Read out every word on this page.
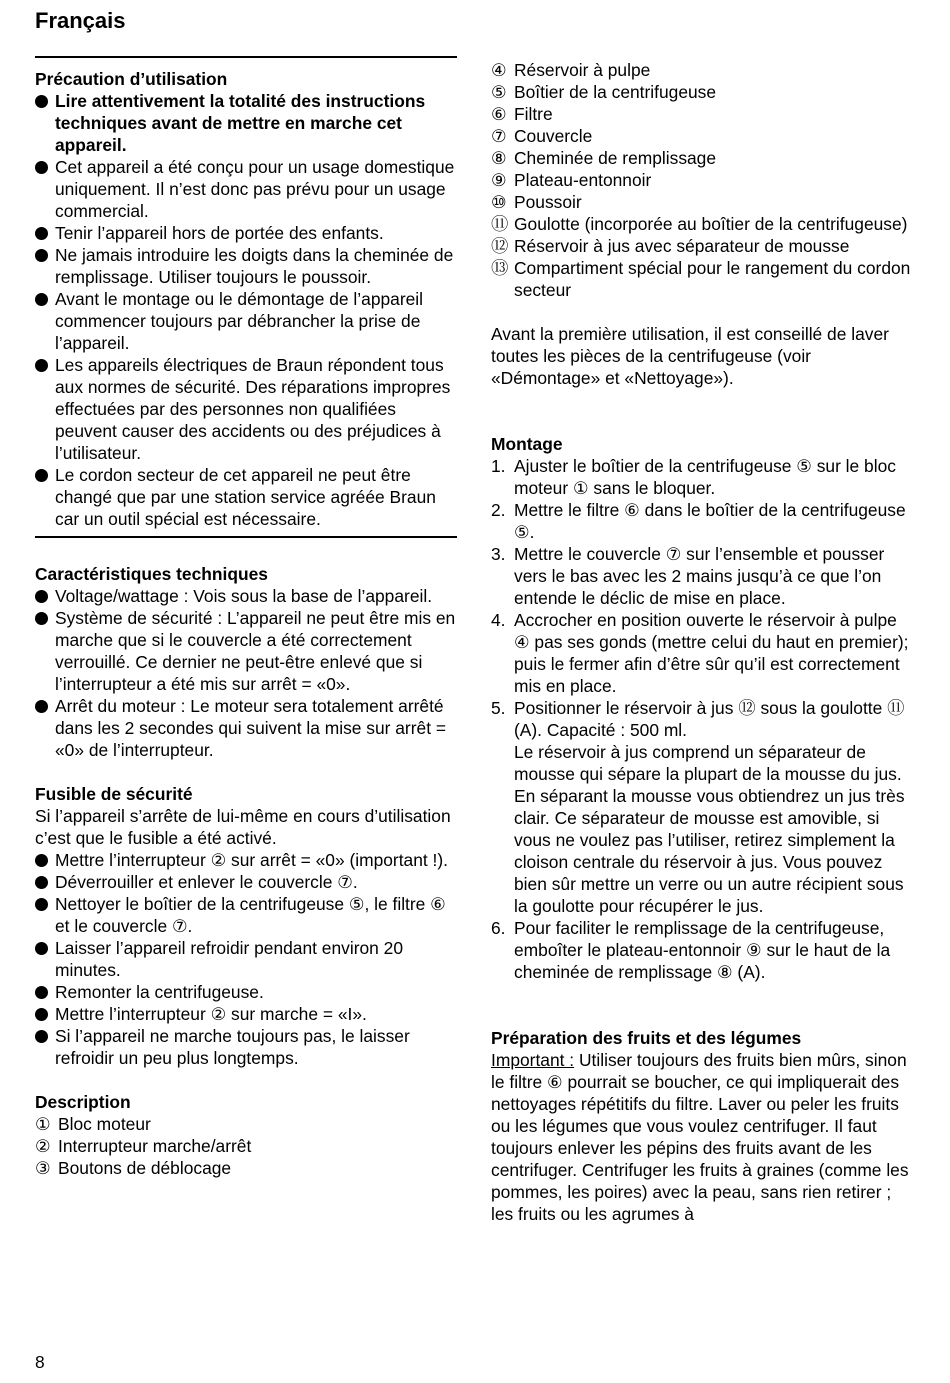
Français

Précaution d’utilisation

Lire attentivement la totalité des instructions techniques avant de mettre en marche cet appareil.

Cet appareil a été conçu pour un usage domestique uniquement. Il n’est donc pas prévu pour un usage commercial.

Tenir l’appareil hors de portée des enfants.

Ne jamais introduire les doigts dans la cheminée de remplissage. Utiliser toujours le poussoir.

Avant le montage ou le démontage de l’appareil commencer toujours par débrancher la prise de l’appareil.

Les appareils électriques de Braun répondent tous aux normes de sécurité. Des réparations impropres effectuées par des personnes non qualifiées peuvent causer des accidents ou des préjudices à l’utilisateur.

Le cordon secteur de cet appareil ne peut être changé que par une station service agréée Braun car un outil spécial est nécessaire.

Caractéristiques techniques

Voltage/wattage : Vois sous la base de l’appareil.

Système de sécurité : L’appareil ne peut être mis en marche que si le couvercle a été correctement verrouillé. Ce dernier ne peut-être enlevé que si l’interrupteur a été mis sur arrêt = «0».

Arrêt du moteur : Le moteur sera totalement arrêté dans les 2 secondes qui suivent la mise sur arrêt = «0» de l’interrupteur.

Fusible de sécurité

Si l’appareil s’arrête de lui-même en cours d’utilisation c’est que le fusible a été activé.

Mettre l’interrupteur ② sur arrêt = «0» (important !).

Déverrouiller et enlever le couvercle ⑦.

Nettoyer le boîtier de la centrifugeuse ⑤, le filtre ⑥ et le couvercle ⑦.

Laisser l’appareil refroidir pendant environ 20 minutes.

Remonter la centrifugeuse.

Mettre l’interrupteur ② sur marche = «I».

Si l’appareil ne marche toujours pas, le laisser refroidir un peu plus longtemps.

Description

① Bloc moteur

② Interrupteur marche/arrêt

③ Boutons de déblocage

④ Réservoir à pulpe

⑤ Boîtier de la centrifugeuse

⑥ Filtre

⑦ Couvercle

⑧ Cheminée de remplissage

⑨ Plateau-entonnoir

⑩ Poussoir

⑪ Goulotte (incorporée au boîtier de la centrifugeuse)

⑫ Réservoir à jus avec séparateur de mousse

⑬ Compartiment spécial pour le rangement du cordon secteur

Avant la première utilisation, il est conseillé de laver toutes les pièces de la centrifugeuse (voir «Démontage» et «Nettoyage»).

Montage

1. Ajuster le boîtier de la centrifugeuse ⑤ sur le bloc moteur ① sans le bloquer.

2. Mettre le filtre ⑥ dans le boîtier de la centrifugeuse ⑤.

3. Mettre le couvercle ⑦ sur l’ensemble et pousser vers le bas avec les 2 mains jusqu’à ce que l’on entende le déclic de mise en place.

4. Accrocher en position ouverte le réservoir à pulpe ④ pas ses gonds (mettre celui du haut en premier); puis le fermer afin d’être sûr qu’il est correctement mis en place.

5. Positionner le réservoir à jus ⑫ sous la goulotte ⑪ (A). Capacité : 500 ml.

Le réservoir à jus comprend un séparateur de mousse qui sépare la plupart de la mousse du jus. En séparant la mousse vous obtiendrez un jus très clair. Ce séparateur de mousse est amovible, si vous ne voulez pas l’utiliser, retirez simplement la cloison centrale du réservoir à jus. Vous pouvez bien sûr mettre un verre ou un autre récipient sous la goulotte pour récupérer le jus.

6. Pour faciliter le remplissage de la centrifugeuse, emboîter le plateau-entonnoir ⑨ sur le haut de la cheminée de remplissage ⑧ (A).

Préparation des fruits et des légumes

Important : Utiliser toujours des fruits bien mûrs, sinon le filtre ⑥ pourrait se boucher, ce qui impliquerait des nettoyages répétitifs du filtre. Laver ou peler les fruits ou les légumes que vous voulez centrifuger. Il faut toujours enlever les pépins des fruits avant de les centrifuger. Centrifuger les fruits à graines (comme les pommes, les poires) avec la peau, sans rien retirer ; les fruits ou les agrumes à

8
